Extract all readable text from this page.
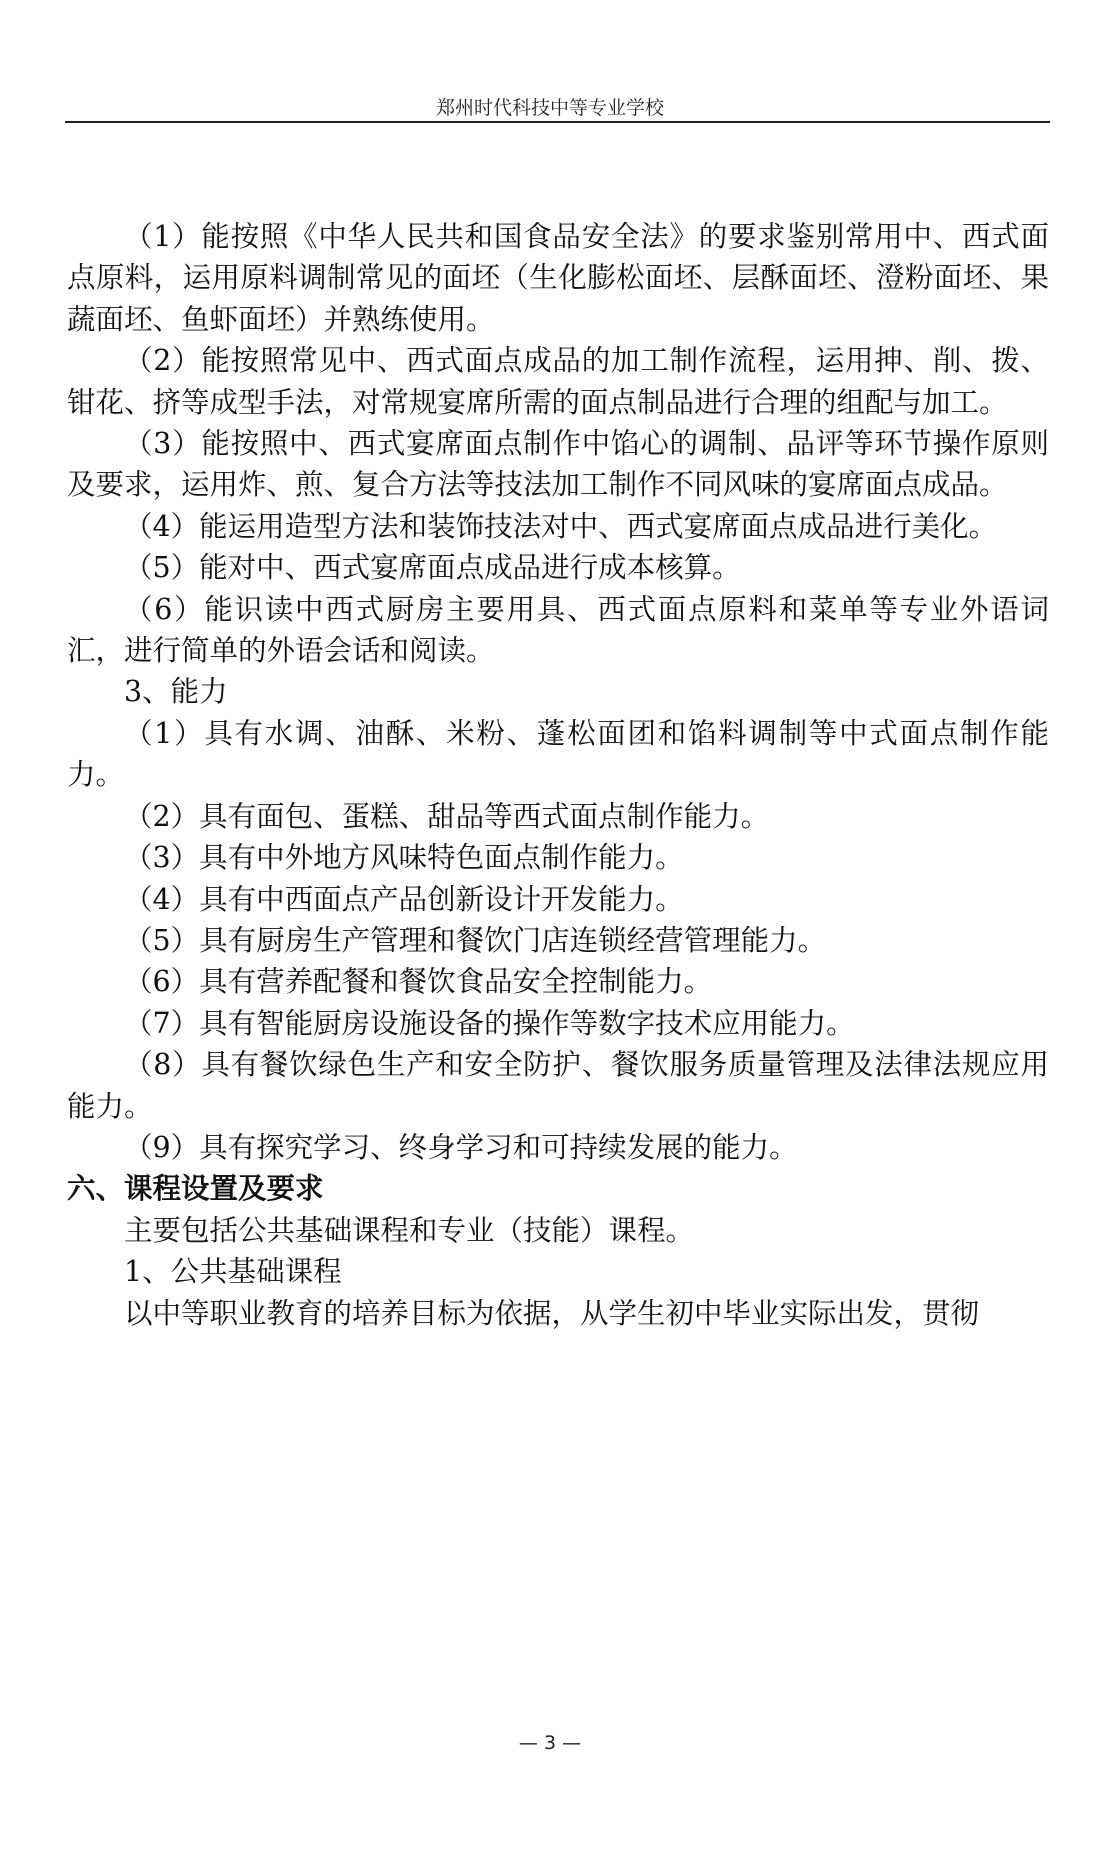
郑州时代科技中等专业学校

（1）能按照《中华人民共和国食品安全法》的要求鉴别常用中、西式面点原料，运用原料调制常见的面坯（生化膨松面坯、层酥面坯、澄粉面坯、果蔬面坯、鱼虾面坯）并熟练使用。

（2）能按照常见中、西式面点成品的加工制作流程，运用抻、削、拨、钳花、挤等成型手法，对常规宴席所需的面点制品进行合理的组配与加工。

（3）能按照中、西式宴席面点制作中馅心的调制、品评等环节操作原则及要求，运用炸、煎、复合方法等技法加工制作不同风味的宴席面点成品。

（4）能运用造型方法和装饰技法对中、西式宴席面点成品进行美化。

（5）能对中、西式宴席面点成品进行成本核算。

（6）能识读中西式厨房主要用具、西式面点原料和菜单等专业外语词汇，进行简单的外语会话和阅读。

3、能力

（1）具有水调、油酥、米粉、蓬松面团和馅料调制等中式面点制作能力。

（2）具有面包、蛋糕、甜品等西式面点制作能力。

（3）具有中外地方风味特色面点制作能力。

（4）具有中西面点产品创新设计开发能力。

（5）具有厨房生产管理和餐饮门店连锁经营管理能力。

（6）具有营养配餐和餐饮食品安全控制能力。

（7）具有智能厨房设施设备的操作等数字技术应用能力。

（8）具有餐饮绿色生产和安全防护、餐饮服务质量管理及法律法规应用能力。

（9）具有探究学习、终身学习和可持续发展的能力。

六、课程设置及要求

主要包括公共基础课程和专业（技能）课程。

1、公共基础课程

以中等职业教育的培养目标为依据，从学生初中毕业实际出发，贯彻

— 3 —
